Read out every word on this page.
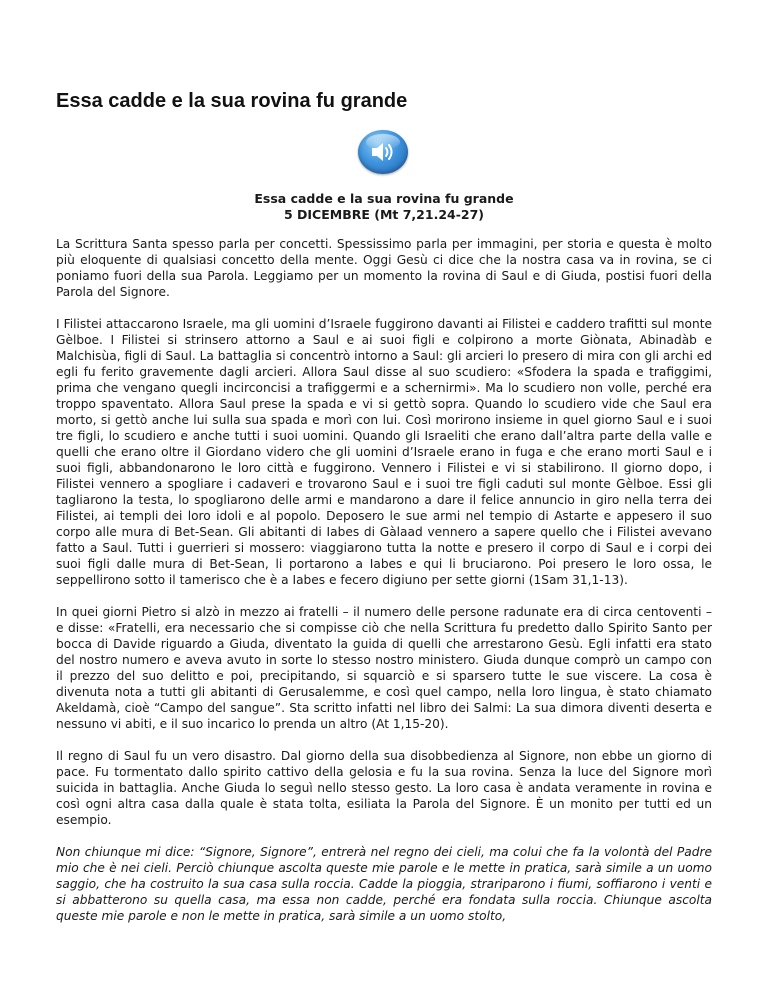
Essa cadde e la sua rovina fu grande
Essa cadde e la sua rovina fu grande
5 DICEMBRE (Mt 7,21.24-27)

La Scrittura Santa spesso parla per concetti. Spessissimo parla per immagini, per storia e questa è molto più eloquente di qualsiasi concetto della mente. Oggi Gesù ci dice che la nostra casa va in rovina, se ci poniamo fuori della sua Parola. Leggiamo per un momento la rovina di Saul e di Giuda, postisi fuori della Parola del Signore.

I Filistei attaccarono Israele, ma gli uomini d’Israele fuggirono davanti ai Filistei e caddero trafitti sul monte Gèlboe. I Filistei si strinsero attorno a Saul e ai suoi figli e colpirono a morte Giònata, Abinadàb e Malchisùa, figli di Saul. La battaglia si concentrò intorno a Saul: gli arcieri lo presero di mira con gli archi ed egli fu ferito gravemente dagli arcieri. Allora Saul disse al suo scudiero: «Sfodera la spada e trafiggimi, prima che vengano quegli incirconcisi a trafiggermi e a schernirmi». Ma lo scudiero non volle, perché era troppo spaventato. Allora Saul prese la spada e vi si gettò sopra. Quando lo scudiero vide che Saul era morto, si gettò anche lui sulla sua spada e morì con lui. Così morirono insieme in quel giorno Saul e i suoi tre figli, lo scudiero e anche tutti i suoi uomini. Quando gli Israeliti che erano dall’altra parte della valle e quelli che erano oltre il Giordano videro che gli uomini d’Israele erano in fuga e che erano morti Saul e i suoi figli, abbandonarono le loro città e fuggirono. Vennero i Filistei e vi si stabilirono. Il giorno dopo, i Filistei vennero a spogliare i cadaveri e trovarono Saul e i suoi tre figli caduti sul monte Gèlboe. Essi gli tagliarono la testa, lo spogliarono delle armi e mandarono a dare il felice annuncio in giro nella terra dei Filistei, ai templi dei loro idoli e al popolo. Deposero le sue armi nel tempio di Astarte e appesero il suo corpo alle mura di Bet-Sean. Gli abitanti di Iabes di Gàlaad vennero a sapere quello che i Filistei avevano fatto a Saul. Tutti i guerrieri si mossero: viaggiarono tutta la notte e presero il corpo di Saul e i corpi dei suoi figli dalle mura di Bet-Sean, li portarono a Iabes e qui li bruciarono. Poi presero le loro ossa, le seppellirono sotto il tamerisco che è a Iabes e fecero digiuno per sette giorni (1Sam 31,1-13).

In quei giorni Pietro si alzò in mezzo ai fratelli – il numero delle persone radunate era di circa centoventi – e disse: «Fratelli, era necessario che si compisse ciò che nella Scrittura fu predetto dallo Spirito Santo per bocca di Davide riguardo a Giuda, diventato la guida di quelli che arrestarono Gesù. Egli infatti era stato del nostro numero e aveva avuto in sorte lo stesso nostro ministero. Giuda dunque comprò un campo con il prezzo del suo delitto e poi, precipitando, si squarciò e si sparsero tutte le sue viscere. La cosa è divenuta nota a tutti gli abitanti di Gerusalemme, e così quel campo, nella loro lingua, è stato chiamato Akeldamà, cioè “Campo del sangue”. Sta scritto infatti nel libro dei Salmi: La sua dimora diventi deserta e nessuno vi abiti, e il suo incarico lo prenda un altro (At 1,15-20).

Il regno di Saul fu un vero disastro. Dal giorno della sua disobbedienza al Signore, non ebbe un giorno di pace. Fu tormentato dallo spirito cattivo della gelosia e fu la sua rovina. Senza la luce del Signore morì suicida in battaglia. Anche Giuda lo seguì nello stesso gesto. La loro casa è andata veramente in rovina e così ogni altra casa dalla quale è stata tolta, esiliata la Parola del Signore. È un monito per tutti ed un esempio.

Non chiunque mi dice: “Signore, Signore”, entrerà nel regno dei cieli, ma colui che fa la volontà del Padre mio che è nei cieli. Perciò chiunque ascolta queste mie parole e le mette in pratica, sarà simile a un uomo saggio, che ha costruito la sua casa sulla roccia. Cadde la pioggia, strariparono i fiumi, soffiarono i venti e si abbatterono su quella casa, ma essa non cadde, perché era fondata sulla roccia. Chiunque ascolta queste mie parole e non le mette in pratica, sarà simile a un uomo stolto,
